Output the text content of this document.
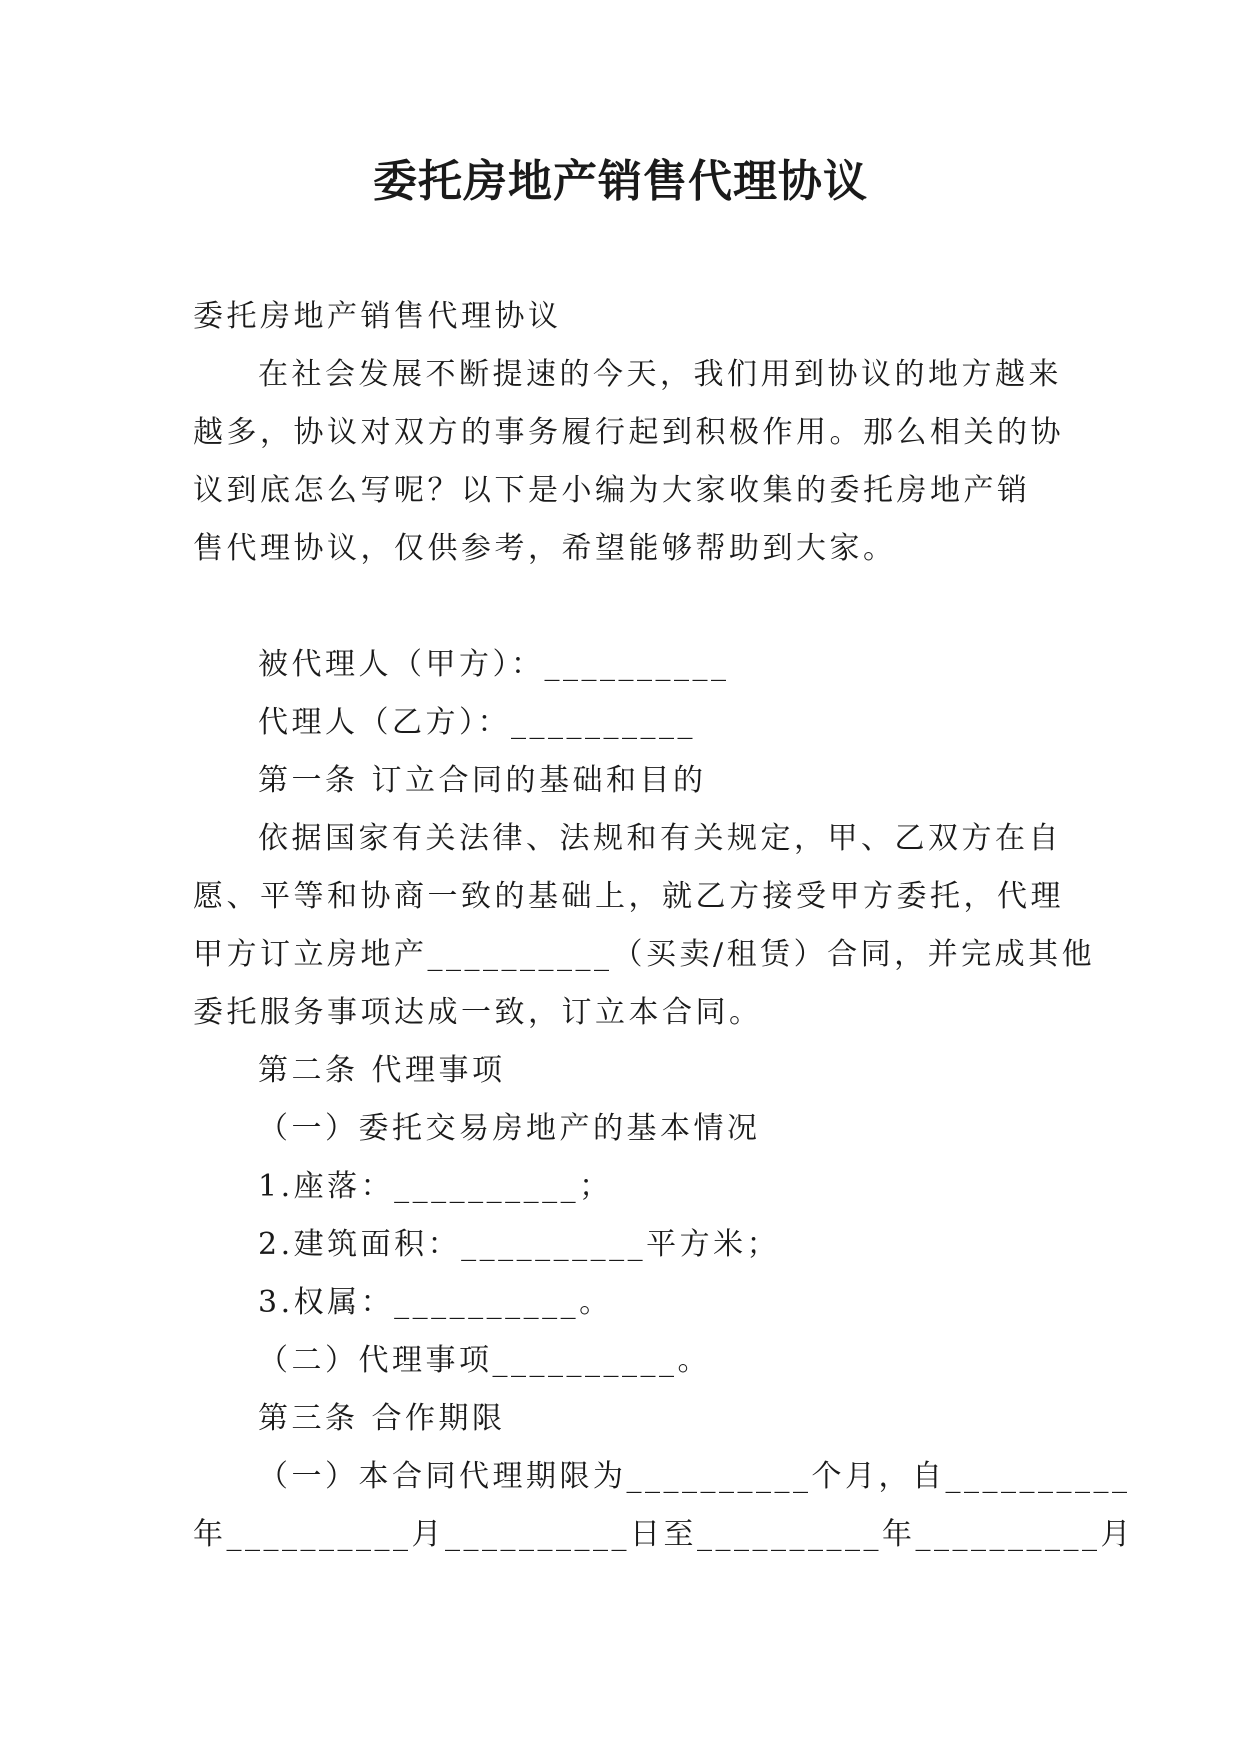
委托房地产销售代理协议
委托房地产销售代理协议
在社会发展不断提速的今天，我们用到协议的地方越来
越多，协议对双方的事务履行起到积极作用。那么相关的协
议到底怎么写呢？以下是小编为大家收集的委托房地产销
售代理协议，仅供参考，希望能够帮助到大家。
被代理人（甲方）：__________
代理人（乙方）：__________
第一条 订立合同的基础和目的
依据国家有关法律、法规和有关规定，甲、乙双方在自
愿、平等和协商一致的基础上，就乙方接受甲方委托，代理
甲方订立房地产__________（买卖/租赁）合同，并完成其他
委托服务事项达成一致，订立本合同。
第二条 代理事项
（一）委托交易房地产的基本情况
1.座落：__________；
2.建筑面积：__________平方米；
3.权属：__________。
（二）代理事项__________。
第三条 合作期限
（一）本合同代理期限为__________个月，自__________
年__________月__________日至__________年__________月
